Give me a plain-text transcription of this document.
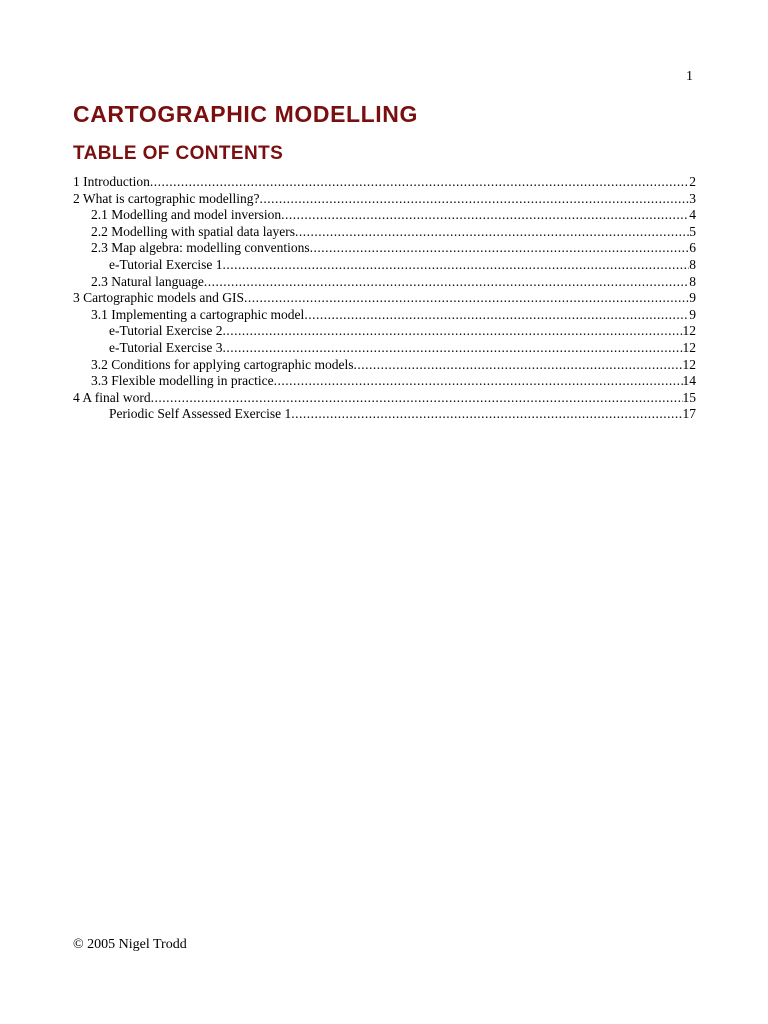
1
CARTOGRAPHIC MODELLING
TABLE OF CONTENTS
1 Introduction .....	2
2 What is cartographic modelling? .....	3
2.1 Modelling and model inversion .....	4
2.2 Modelling with spatial data layers .....	5
2.3 Map algebra: modelling conventions .....	6
e-Tutorial Exercise 1 .....	8
2.3 Natural language .....	8
3 Cartographic models and GIS .....	9
3.1 Implementing a cartographic model .....	9
e-Tutorial Exercise 2 .....	12
e-Tutorial Exercise 3 .....	12
3.2 Conditions for applying cartographic models .....	12
3.3 Flexible modelling in practice .....	14
4 A final word .....	15
Periodic Self Assessed Exercise 1 .....	17
© 2005 Nigel Trodd
